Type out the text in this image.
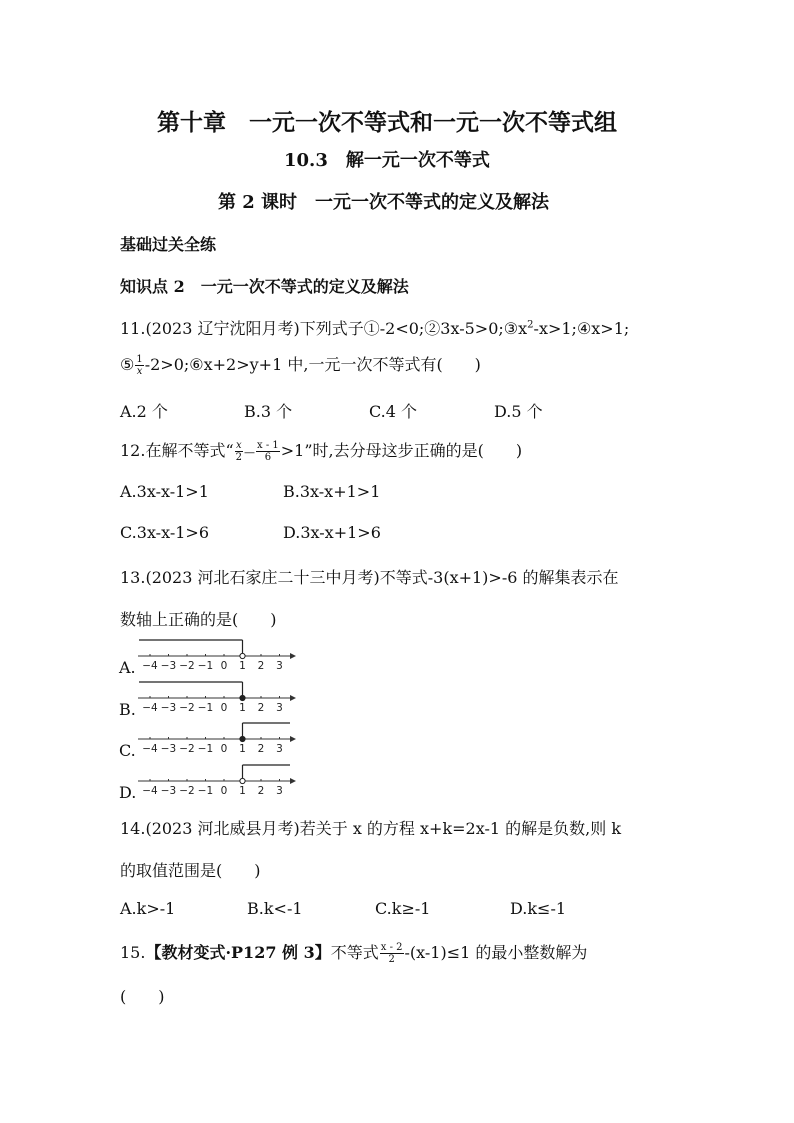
第十章　一元一次不等式和一元一次不等式组
10.3　解一元一次不等式
第 2 课时　一元一次不等式的定义及解法
基础过关全练
知识点 2　一元一次不等式的定义及解法
11.(2023 辽宁沈阳月考)下列式子$①-2<0;②3x-5>0;③x^2-x>1;④x>1$;
⑤ $\frac{1}{x}$ -2>0;⑥x+2>y+1 中,一元一次不等式有(　　)
A.2 个	B.3 个	C.4 个	D.5 个
12.在解不等式“ $\frac{x}{2}$ — $\frac{x - 1}{6} >1$”时,去分母这步正确的是(　　)
A.3x-x-1>1	B.3x-x+1>1
C.3x-x-1>6	D.3x-x+1>6
13.(2023 河北石家庄二十三中月考)不等式-3(x+1)>-6 的解集表示在
数轴上正确的是(　　)
A. −4 −3 −2 −1 0 1 2 3
B. −4 −3 −2 −1 0 1 2 3
C. −4 −3 −2 −1 0 1 2 3
D. −4 −3 −2 −1 0 1 2 3
14.(2023 河北威县月考)若关于 x 的方程 x+k=2x-1 的解是负数,则 k
的取值范围是(　　)
A.k>-1	B.k<-1	C.k≥-1	D.k≤-1
15.【教材变式·P127 例 3】不等式 $\frac{x - 2}{2} -(x-1)\le 1$ 的最小整数解为
(　　)
